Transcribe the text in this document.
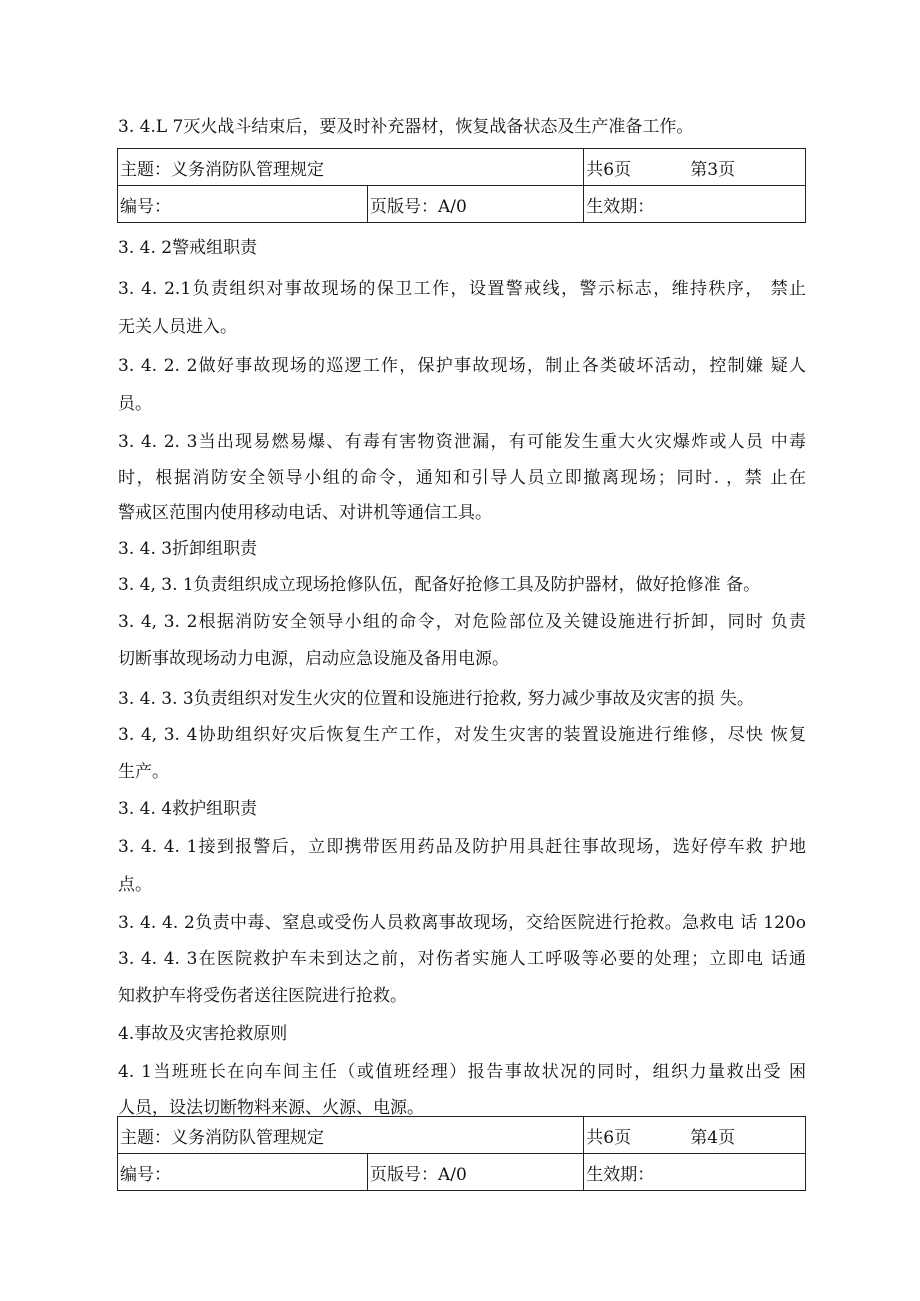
3. 4.L 7灭火战斗结束后，要及时补充器材，恢复战备状态及生产准备工作。
主题：义务消防队管理规定		共6页 第3页
编号：	页版号：A/0	生效期：
3. 4. 2警戒组职责
3. 4. 2.1负责组织对事故现场的保卫工作，设置警戒线，警示标志，维持秩序， 禁止
无关人员进入。
3. 4. 2. 2做好事故现场的巡逻工作，保护事故现场，制止各类破坏活动，控制嫌 疑人
员。
3. 4. 2. 3当出现易燃易爆、有毒有害物资泄漏，有可能发生重大火灾爆炸或人员 中毒
时，根据消防安全领导小组的命令，通知和引导人员立即撤离现场；同时. ，禁 止在
警戒区范围内使用移动电话、对讲机等通信工具。
3. 4. 3折卸组职责
3. 4, 3. 1负责组织成立现场抢修队伍，配备好抢修工具及防护器材，做好抢修准 备。
3. 4, 3. 2根据消防安全领导小组的命令，对危险部位及关键设施进行折卸，同时 负责
切断事故现场动力电源，启动应急设施及备用电源。
3. 4. 3. 3负责组织对发生火灾的位置和设施进行抢救, 努力减少事故及灾害的损 失。
3. 4, 3. 4协助组织好灾后恢复生产工作，对发生灾害的装置设施进行维修，尽快 恢复
生产。
3. 4. 4救护组职责
3. 4. 4. 1接到报警后，立即携带医用药品及防护用具赶往事故现场，选好停车救 护地
点。
3. 4. 4. 2负责中毒、窒息或受伤人员救离事故现场，交给医院进行抢救。急救电 话 120o
3. 4. 4. 3在医院救护车未到达之前，对伤者实施人工呼吸等必要的处理；立即电 话通
知救护车将受伤者送往医院进行抢救。
4.事故及灾害抢救原则
4. 1当班班长在向车间主任（或值班经理）报告事故状况的同时，组织力量救出受 困
人员，设法切断物料来源、火源、电源。
主题：义务消防队管理规定		共6页 第4页
编号：	页版号：A/0	生效期：
